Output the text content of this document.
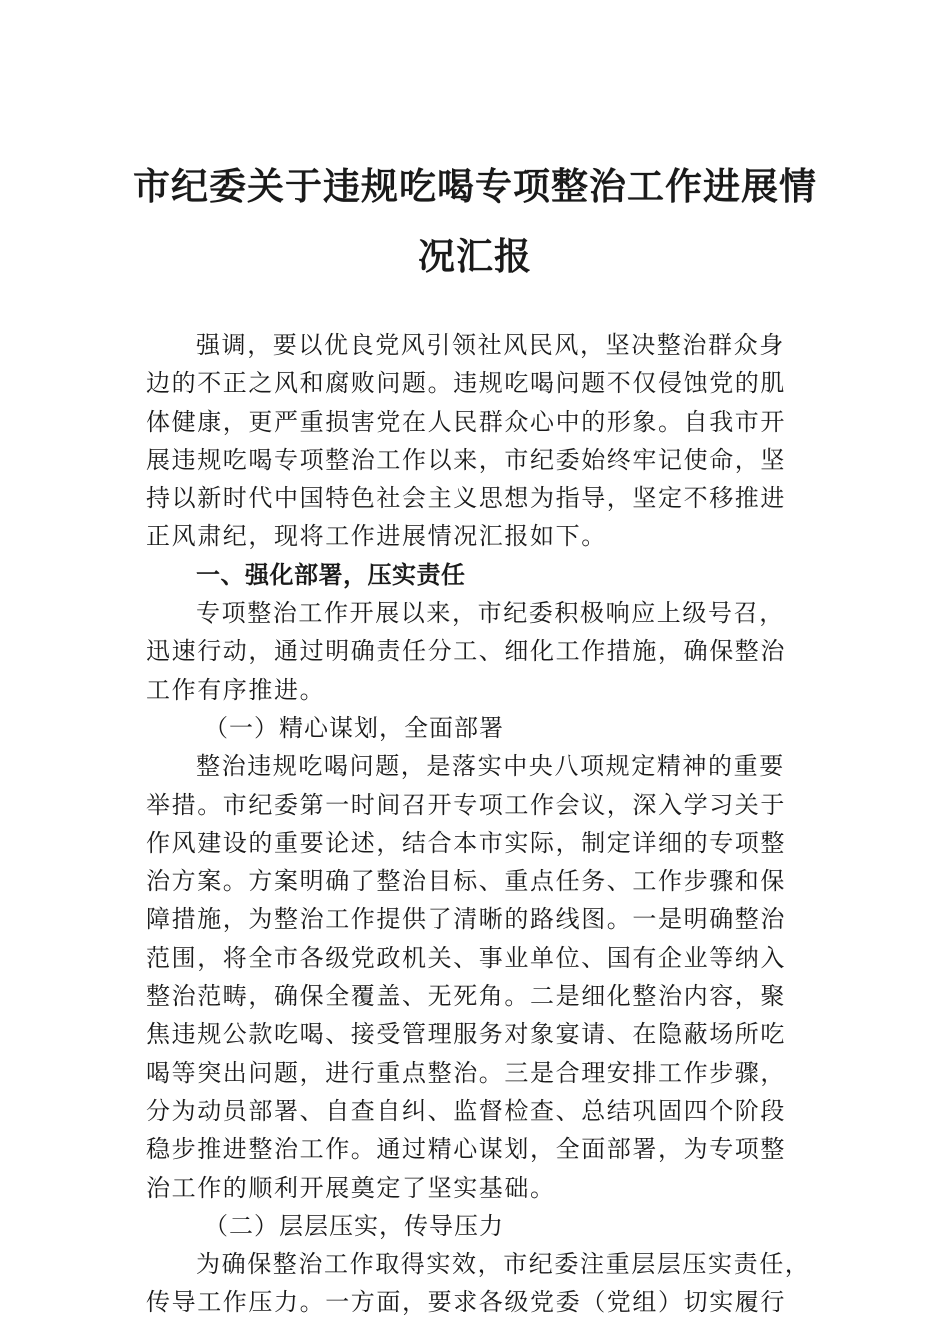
市纪委关于违规吃喝专项整治工作进展情
况汇报
强调，要以优良党风引领社风民风，坚决整治群众身
边的不正之风和腐败问题。违规吃喝问题不仅侵蚀党的肌
体健康，更严重损害党在人民群众心中的形象。自我市开
展违规吃喝专项整治工作以来，市纪委始终牢记使命，坚
持以新时代中国特色社会主义思想为指导，坚定不移推进
正风肃纪，现将工作进展情况汇报如下。
一、强化部署，压实责任
专项整治工作开展以来，市纪委积极响应上级号召，
迅速行动，通过明确责任分工、细化工作措施，确保整治
工作有序推进。
（一）精心谋划，全面部署
整治违规吃喝问题，是落实中央八项规定精神的重要
举措。市纪委第一时间召开专项工作会议，深入学习关于
作风建设的重要论述，结合本市实际，制定详细的专项整
治方案。方案明确了整治目标、重点任务、工作步骤和保
障措施，为整治工作提供了清晰的路线图。一是明确整治
范围，将全市各级党政机关、事业单位、国有企业等纳入
整治范畴，确保全覆盖、无死角。二是细化整治内容，聚
焦违规公款吃喝、接受管理服务对象宴请、在隐蔽场所吃
喝等突出问题，进行重点整治。三是合理安排工作步骤，
分为动员部署、自查自纠、监督检查、总结巩固四个阶段
稳步推进整治工作。通过精心谋划，全面部署，为专项整
治工作的顺利开展奠定了坚实基础。
（二）层层压实，传导压力
为确保整治工作取得实效，市纪委注重层层压实责任，
传导工作压力。一方面，要求各级党委（党组）切实履行
